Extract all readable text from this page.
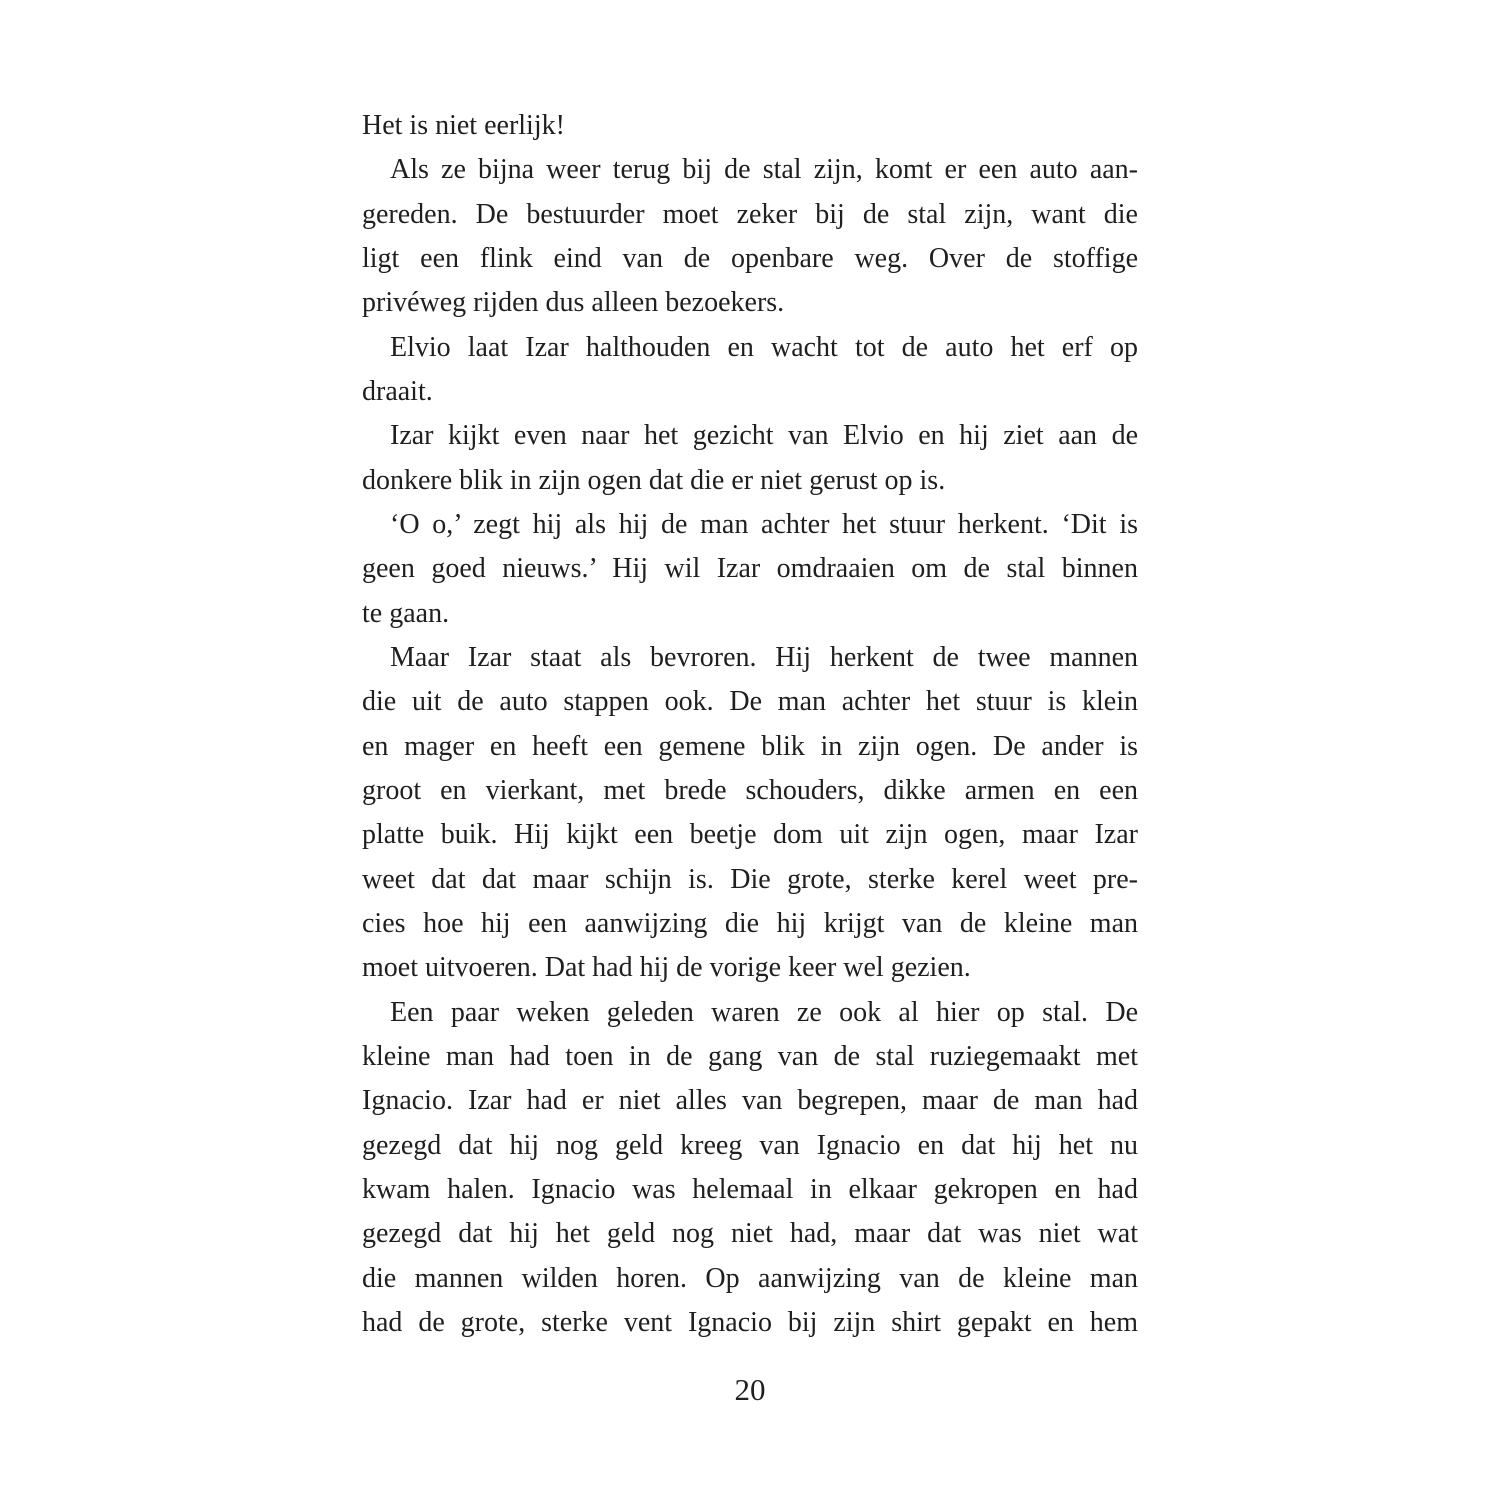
Het is niet eerlijk!
Als ze bijna weer terug bij de stal zijn, komt er een auto aan-
gereden. De bestuurder moet zeker bij de stal zijn, want die
ligt een flink eind van de openbare weg. Over de stoffige
privéweg rijden dus alleen bezoekers.
Elvio laat Izar halthouden en wacht tot de auto het erf op
draait.
Izar kijkt even naar het gezicht van Elvio en hij ziet aan de
donkere blik in zijn ogen dat die er niet gerust op is.
‘O o,’ zegt hij als hij de man achter het stuur herkent. ‘Dit is
geen goed nieuws.’ Hij wil Izar omdraaien om de stal binnen
te gaan.
Maar Izar staat als bevroren. Hij herkent de twee mannen
die uit de auto stappen ook. De man achter het stuur is klein
en mager en heeft een gemene blik in zijn ogen. De ander is
groot en vierkant, met brede schouders, dikke armen en een
platte buik. Hij kijkt een beetje dom uit zijn ogen, maar Izar
weet dat dat maar schijn is. Die grote, sterke kerel weet pre-
cies hoe hij een aanwijzing die hij krijgt van de kleine man
moet uitvoeren. Dat had hij de vorige keer wel gezien.
Een paar weken geleden waren ze ook al hier op stal. De
kleine man had toen in de gang van de stal ruziegemaakt met
Ignacio. Izar had er niet alles van begrepen, maar de man had
gezegd dat hij nog geld kreeg van Ignacio en dat hij het nu
kwam halen. Ignacio was helemaal in elkaar gekropen en had
gezegd dat hij het geld nog niet had, maar dat was niet wat
die mannen wilden horen. Op aanwijzing van de kleine man
had de grote, sterke vent Ignacio bij zijn shirt gepakt en hem
20
